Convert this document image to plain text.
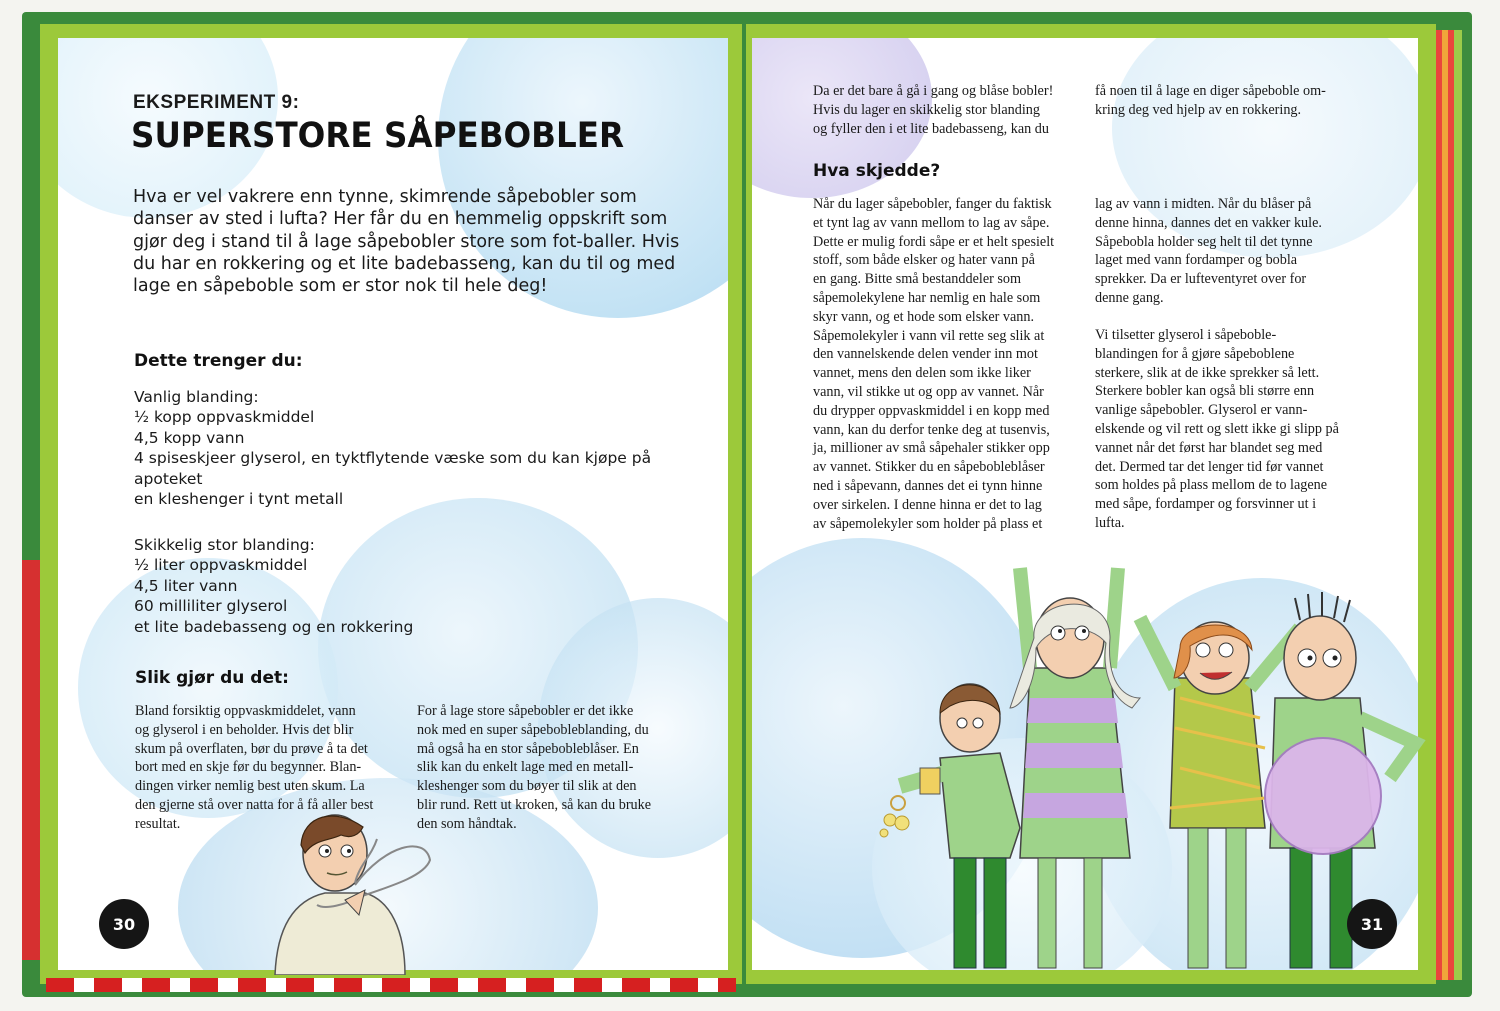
EKSPERIMENT 9:
SUPERSTORE SÅPEBOBLER
Hva er vel vakrere enn tynne, skimrende såpebobler som danser av sted i lufta? Her får du en hemmelig oppskrift som gjør deg i stand til å lage såpebobler store som fot-baller. Hvis du har en rokkering og et lite badebasseng, kan du til og med lage en såpeboble som er stor nok til hele deg!
Dette trenger du:
Vanlig blanding:
½ kopp oppvaskmiddel
4,5 kopp vann
4 spiseskjeer glyserol, en tyktflytende væske som du kan kjøpe på
apoteket
en kleshenger i tynt metall
Skikkelig stor blanding:
½ liter oppvaskmiddel
4,5 liter vann
60 milliliter glyserol
et lite badebasseng og en rokkering
Slik gjør du det:
Bland forsiktig oppvaskmiddelet, vann
og glyserol i en beholder. Hvis det blir
skum på overflaten, bør du prøve å ta det
bort med en skje før du begynner. Blan-
dingen virker nemlig best uten skum. La
den gjerne stå over natta for å få aller best
resultat.
For å lage store såpebobler er det ikke
nok med en super såpebobleblanding, du
må også ha en stor såpebobleblåser. En
slik kan du enkelt lage med en metall-
kleshenger som du bøyer til slik at den
blir rund. Rett ut kroken, så kan du bruke
den som håndtak.
30
Da er det bare å gå i gang og blåse bobler!
Hvis du lager en skikkelig stor blanding
og fyller den i et lite badebasseng, kan du
få noen til å lage en diger såpeboble om-
kring deg ved hjelp av en rokkering.
Hva skjedde?
Når du lager såpebobler, fanger du faktisk
et tynt lag av vann mellom to lag av såpe.
Dette er mulig fordi såpe er et helt spesielt
stoff, som både elsker og hater vann på
en gang. Bitte små bestanddeler som
såpemolekylene har nemlig en hale som
skyr vann, og et hode som elsker vann.
Såpemolekyler i vann vil rette seg slik at
den vannelskende delen vender inn mot
vannet, mens den delen som ikke liker
vann, vil stikke ut og opp av vannet. Når
du drypper oppvaskmiddel i en kopp med
vann, kan du derfor tenke deg at tusenvis,
ja, millioner av små såpehaler stikker opp
av vannet. Stikker du en såpebobleblåser
ned i såpevann, dannes det ei tynn hinne
over sirkelen. I denne hinna er det to lag
av såpemolekyler som holder på plass et
lag av vann i midten. Når du blåser på
denne hinna, dannes det en vakker kule.
Såpebobla holder seg helt til det tynne
laget med vann fordamper og bobla
sprekker. Da er lufteventyret over for
denne gang.
Vi tilsetter glyserol i såpeboble-
blandingen for å gjøre såpeboblene
sterkere, slik at de ikke sprekker så lett.
Sterkere bobler kan også bli større enn
vanlige såpebobler. Glyserol er vann-
elskende og vil rett og slett ikke gi slipp på
vannet når det først har blandet seg med
det. Dermed tar det lenger tid før vannet
som holdes på plass mellom de to lagene
med såpe, fordamper og forsvinner ut i
lufta.
31
